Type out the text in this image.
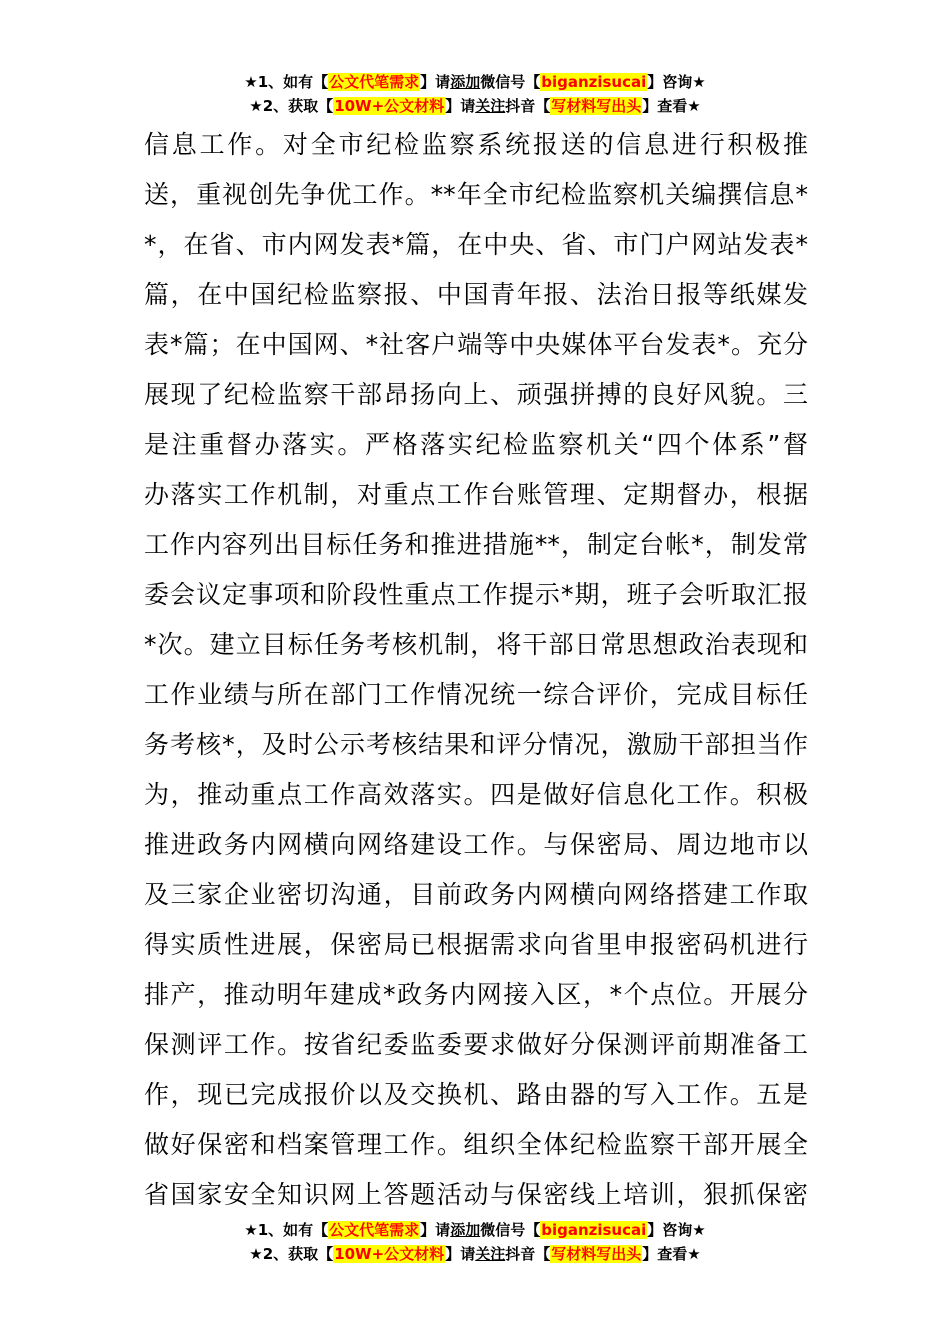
★1、如有【公文代笔需求】请添加微信号【biganzisucai】咨询★
★2、获取【10W+公文材料】请关注抖音【写材料写出头】查看★
信息工作。对全市纪检监察系统报送的信息进行积极推
送，重视创先争优工作。**年全市纪检监察机关编撰信息*
*，在省、市内网发表*篇，在中央、省、市门户网站发表*
篇，在中国纪检监察报、中国青年报、法治日报等纸媒发
表*篇；在中国网、*社客户端等中央媒体平台发表*。充分
展现了纪检监察干部昂扬向上、顽强拼搏的良好风貌。三
是注重督办落实。严格落实纪检监察机关“四个体系”督
办落实工作机制，对重点工作台账管理、定期督办，根据
工作内容列出目标任务和推进措施**，制定台帐*，制发常
委会议定事项和阶段性重点工作提示*期，班子会听取汇报
*次。建立目标任务考核机制，将干部日常思想政治表现和
工作业绩与所在部门工作情况统一综合评价，完成目标任
务考核*，及时公示考核结果和评分情况，激励干部担当作
为，推动重点工作高效落实。四是做好信息化工作。积极
推进政务内网横向网络建设工作。与保密局、周边地市以
及三家企业密切沟通，目前政务内网横向网络搭建工作取
得实质性进展，保密局已根据需求向省里申报密码机进行
排产，推动明年建成*政务内网接入区，*个点位。开展分
保测评工作。按省纪委监委要求做好分保测评前期准备工
作，现已完成报价以及交换机、路由器的写入工作。五是
做好保密和档案管理工作。组织全体纪检监察干部开展全
省国家安全知识网上答题活动与保密线上培训，狠抓保密
★1、如有【公文代笔需求】请添加微信号【biganzisucai】咨询★
★2、获取【10W+公文材料】请关注抖音【写材料写出头】查看★
